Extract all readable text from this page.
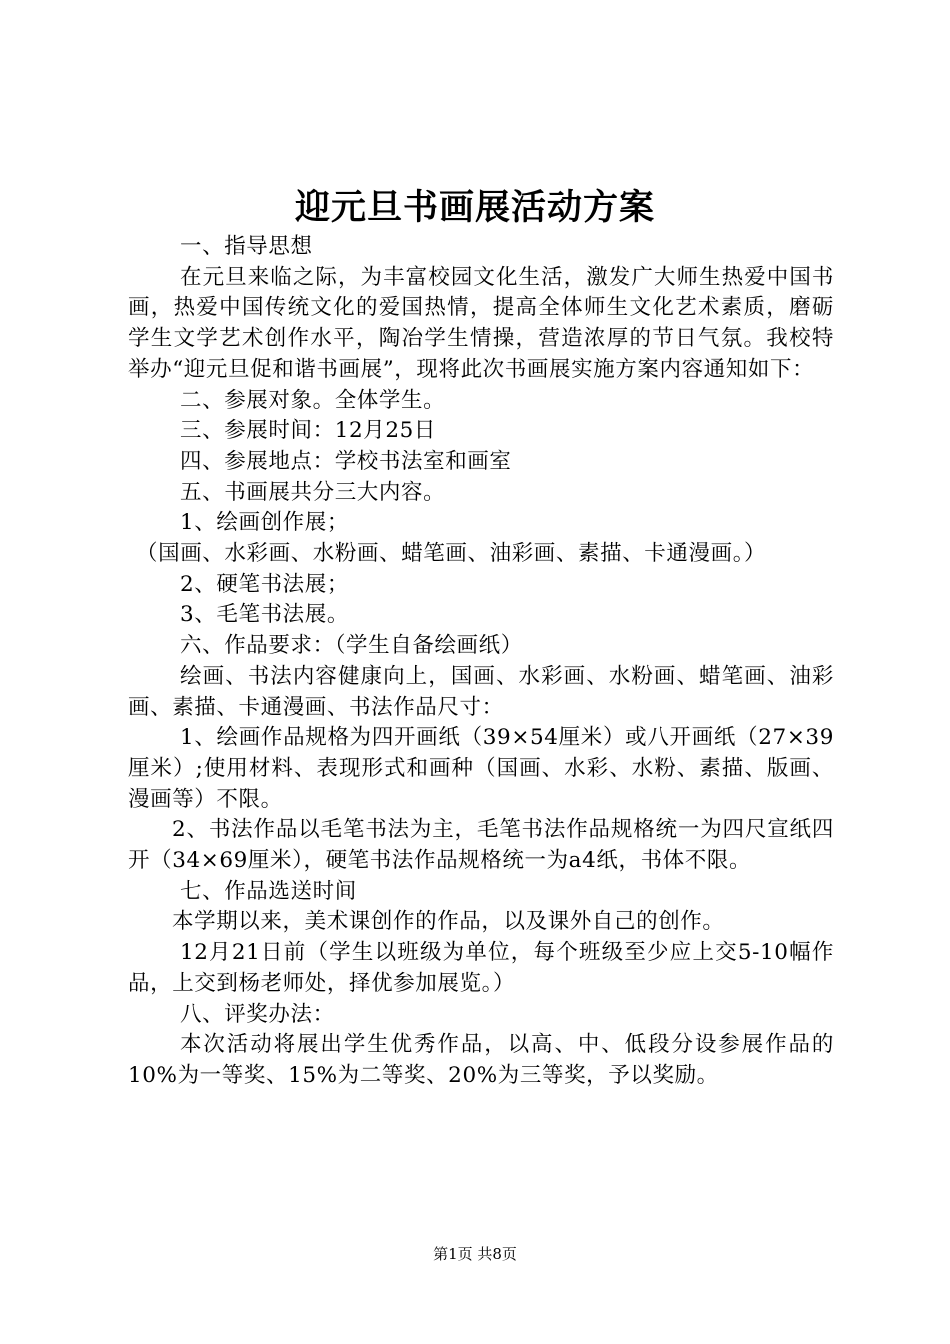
迎元旦书画展活动方案

一、指导思想

在元旦来临之际，为丰富校园文化生活，激发广大师生热爱中国书画，热爱中国传统文化的爱国热情，提高全体师生文化艺术素质，磨砺学生文学艺术创作水平，陶冶学生情操，营造浓厚的节日气氛。我校特举办“迎元旦促和谐书画展”，现将此次书画展实施方案内容通知如下：

二、参展对象。全体学生。

三、参展时间：12月25日

四、参展地点：学校书法室和画室

五、书画展共分三大内容。

1、绘画创作展；

（国画、水彩画、水粉画、蜡笔画、油彩画、素描、卡通漫画。）

2、硬笔书法展；

3、毛笔书法展。

六、作品要求：（学生自备绘画纸）

绘画、书法内容健康向上，国画、水彩画、水粉画、蜡笔画、油彩画、素描、卡通漫画、书法作品尺寸：

1、绘画作品规格为四开画纸（39×54厘米）或八开画纸（27×39厘米）;使用材料、表现形式和画种（国画、水彩、水粉、素描、版画、漫画等）不限。

2、书法作品以毛笔书法为主，毛笔书法作品规格统一为四尺宣纸四开（34×69厘米），硬笔书法作品规格统一为a4纸，书体不限。

七、作品选送时间

本学期以来，美术课创作的作品，以及课外自己的创作。

12月21日前（学生以班级为单位，每个班级至少应上交5-10幅作品，上交到杨老师处，择优参加展览。）

八、评奖办法：

本次活动将展出学生优秀作品，以高、中、低段分设参展作品的10%为一等奖、15%为二等奖、20%为三等奖，予以奖励。

第1页 共8页
